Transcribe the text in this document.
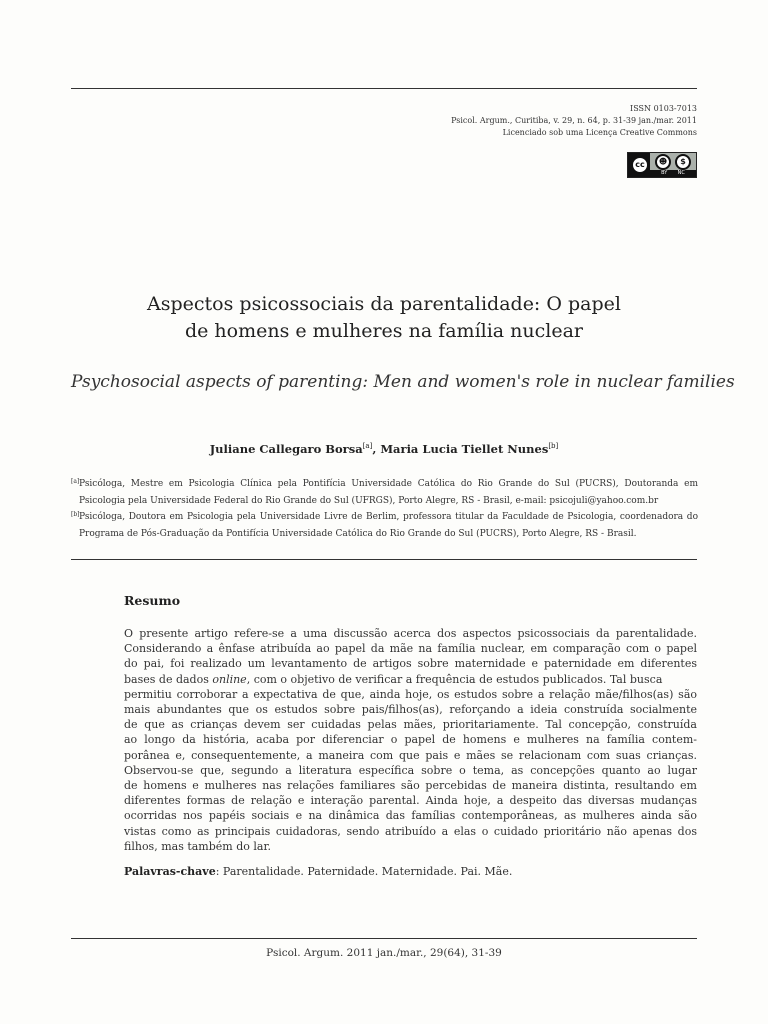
ISSN 0103-7013
Psicol. Argum., Curitiba, v. 29, n. 64, p. 31-39 jan./mar. 2011
Licenciado sob uma Licença Creative Commons
cc	☻	$
BY NC
Aspectos psicossociais da parentalidade: O papel
de homens e mulheres na família nuclear
Psychosocial aspects of parenting: Men and women's role in nuclear families
Juliane Callegaro Borsa[a], Maria Lucia Tiellet Nunes[b]
[a] Psicóloga, Mestre em Psicologia Clínica pela Pontifícia Universidade Católica do Rio Grande do Sul (PUCRS), Doutoranda em Psicologia pela Universidade Federal do Rio Grande do Sul (UFRGS), Porto Alegre, RS - Brasil, e-mail: psicojuli@yahoo.com.br
[b] Psicóloga, Doutora em Psicologia pela Universidade Livre de Berlim, professora titular da Faculdade de Psicologia, coordenadora do Programa de Pós-Graduação da Pontifícia Universidade Católica do Rio Grande do Sul (PUCRS), Porto Alegre, RS - Brasil.
Resumo
O presente artigo refere-se a uma discussão acerca dos aspectos psicossociais da parentalidade.
Considerando a ênfase atribuída ao papel da mãe na família nuclear, em comparação com o papel
do pai, foi realizado um levantamento de artigos sobre maternidade e paternidade em diferentes
bases de dados online, com o objetivo de verificar a frequência de estudos publicados. Tal busca
permitiu corroborar a expectativa de que, ainda hoje, os estudos sobre a relação mãe/filhos(as) são
mais abundantes que os estudos sobre pais/filhos(as), reforçando a ideia construída socialmente
de que as crianças devem ser cuidadas pelas mães, prioritariamente. Tal concepção, construída
ao longo da história, acaba por diferenciar o papel de homens e mulheres na família contem-
porânea e, consequentemente, a maneira com que pais e mães se relacionam com suas crianças.
Observou-se que, segundo a literatura específica sobre o tema, as concepções quanto ao lugar
de homens e mulheres nas relações familiares são percebidas de maneira distinta, resultando em
diferentes formas de relação e interação parental. Ainda hoje, a despeito das diversas mudanças
ocorridas nos papéis sociais e na dinâmica das famílias contemporâneas, as mulheres ainda são
vistas como as principais cuidadoras, sendo atribuído a elas o cuidado prioritário não apenas dos
filhos, mas também do lar.
Palavras-chave: Parentalidade. Paternidade. Maternidade. Pai. Mãe.
Psicol. Argum. 2011 jan./mar., 29(64), 31-39
